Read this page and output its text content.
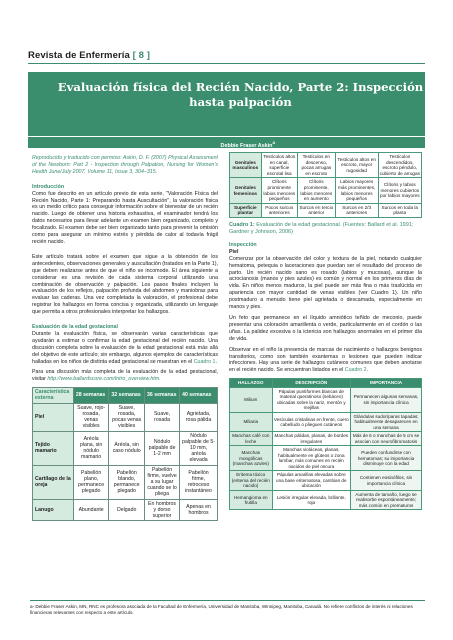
Revista de Enfermería [ 8 ]
Evaluación física del Recién Nacido, Parte 2: Inspección hasta palpación
Debbie Fraser Askin$^a$

Reproducido y traducido con permiso: Askin, D. F. (2007) Physical Assessment of the Newborn: Part 2 - Inspection through Palpation, Nursing for Women's Health June/July 2007, Volume 11, Issue 3, 304–315.

Introducción

Como fue descrito en un artículo previo de esta serie, "Valoración Física del Recién Nacido, Parte 1: Preparando hasta Auscultación", la valoración física es un medio crítico para conseguir información sobre el bienestar de un recién nacido. Luego de obtener una historia exhaustiva, el examinador tendrá los datos necesarios para llevar adelante un examen bien organizado, completo y focalizado. El examen debe ser bien organizado tanto para prevenir la omisión como para asegurar un mínimo estrés y pérdida de calor al todavía frágil recién nacido.

Este artículo tratará sobre el examen que sigue a la obtención de los antecedentes, observaciones generales y auscultación (tratados en la Parte 1), que deben realizarse antes de que el niño se incomode. El área siguiente a considerar es una revisión de cada sistema corporal utilizando una combinación de observación y palpación. Los pasos finales incluyen la evaluación de los reflejos, palpación profunda del abdomen y maniobras para evaluar las caderas. Una vez completada la valoración, el profesional debe registrar los hallazgos en forma concisa y organizada, utilizando un lenguaje que permita a otros profesionales interpretar los hallazgos.

Evaluación de la edad gestacional

Durante la evaluación física, se observarán varias características que ayudarán a estimar o confirmar la edad gestacional del recién nacido. Una discusión completa sobre la evaluación de la edad gestacional está más allá del objetivo de este artículo; sin embargo, algunos ejemplos de características halladas en los niños de distinta edad gestacional se muestran en el Cuadro 1.

Para una discusión más completa de la evaluación de la edad gestacional, visitar http://www.ballardscore.com/intro_overview.htm.

Característica externa	28 semanas	32 semanas	36 semanas	40 semanas
Piel	Suave, rojo-rosada, venas visibles	Suave, rosada, pocas venas visibles	Suave, rosada	Agrietada, rosa pálida
Tejido mamario	Aréola plana, sin nódulo mamario	Aréola, sin caso nódulo	Nódulo palpable de 1-2 mm	Nódulo palpable de 5-10 mm, aréola elevada
Cartílago de la oreja	Pabellón plano, permanece plegado	Pabellón blando, permanece plegado	Pabellón firme, vuelve a su lugar cuando se lo pliega	Pabellón firme, retroceso instantáneo
Lanugo	Abundante	Delgado	En hombros y dorso superior	Apenas en hombros
Genitales masculinos	Testículos altos en canal, superficie escrotal lisa	Testículos en descenso, pocas arrugas en escroto	Testículos altos en escroto, mayor rugosidad	Testículos descendidos, escroto péndulo, cubierto de arrugas
Genitales femeninos	Clítoris prominente labios menores pequeños	Clítoris prominente, labios menores en aumento	Labios mayores más prominentes, labios menores pequeños	Clítoris y labios menores cubiertos por labios mayores
Superficie plantar	Pocos surcos anteriores	Surcos en tercio anterior	Surcos en 2/3 anteriores	Surcos en toda la planta
Cuadro 1: Evaluación de la edad gestacional. (Fuentes: Ballard et al. 1991; Gardner y Johnson, 2006)
Inspección
Piel

Comenzar por la observación del color y textura de la piel, notando cualquier hematoma, petequia o laceraciones que puedan ser el resultado del proceso de parto. Un recién nacido sano es rosado (labios y mucosas), aunque la acrocianosis (manos y pies azules) es común y normal en los primeros días de vida. En niños menos maduros, la piel puede ser más fina o más traslúcida en apariencia con mayor cantidad de venas visibles (ver Cuadro 1). Un niño postmaduro a menudo tiene piel agrietada o descamada, especialmente en manos y pies.

Un feto que permanece en el líquido amniótico teñido de meconio, puede presentar una coloración amarillenta o verde, particularmente en el cordón o las uñas. La palidez excesiva o la ictericia son hallazgos anormales en el primer día de vida.

Observar en el niño la presencia de marcas de nacimiento o hallazgos benignos transitorios, como son también exantemas o lesiones que pueden indicar infecciones. Hay una serie de hallazgos cutáneos comunes que deben anotarse en el recién nacido. Se encuentran listados en el Cuadro 2.

HALLAZGO	DESCRIPCIÓN	IMPORTANCIA
Milium	Pápulas puntiformes blancas de material queratinoso (sebáceo) ubicadas sobre la nariz, mentón y mejillas	Permanecen algunas semanas, sin importancia clínica
Miliaria	Vesículas cristalinas en frente, cuero cabelludo o pliegues cutáneos	Glándulas sudoríparas tapadas; habitualmente desaparecen en una semana
Manchas café con leche	Manchas pálidas, planas, de bordes irregulares	Más de 6 o manchas de 5 cm se asocian con neurofibromatosis
Manchas mongólicas (manchas azules)	Manchas violáceas, planas, habitualmente en glúteos o zona lumbar, más comunes en recién nacidos de piel oscura	Pueden confundirse con hematomas; su importancia disminuye con la edad
Eritema tóxico (eritema del recién nacido)	Pápulas amarillas elevadas sobre una base eritematosa, cambian de ubicación	Contienen eosinófilos, sin importancia clínica
Hemangioma en frutilla	Lesión irregular elevada, brillante, roja	Aumenta de tamaño, luego se reabsorbe espontáneamente; más común en prematuros
a- Debbie Fraser Askin, MN, RNC es profesora asociada de la Facultad de Enfermería, Universidad de Manitoba, Winnipeg, Manitoba, Canadá. No refiere conflictos de interés ni relaciones financieras relevantes con respecto a este artículo.
